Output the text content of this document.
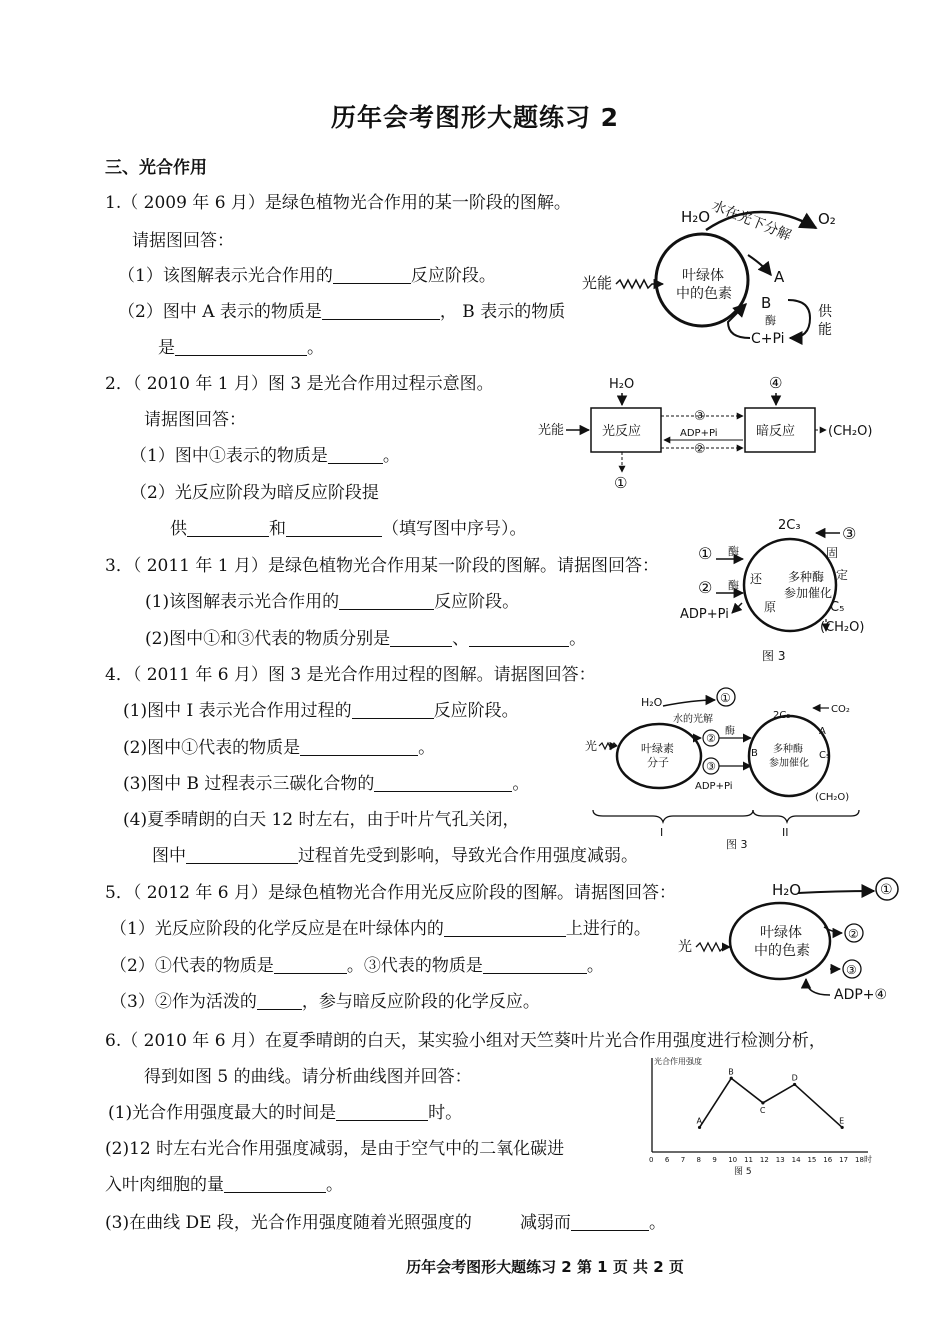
历年会考图形大题练习 2
三、光合作用
1.（ 2009 年 6 月）是绿色植物光合作用的某一阶段的图解。
请据图回答：
（1）该图解表示光合作用的	反应阶段。
（2）图中 A 表示的物质是	， B 表示的物质
是	。
H₂O 水在光下分解 O₂
A
光能	叶绿体
中的色素 B
酶
C+Pi
供
能
2．（ 2010 年 1 月）图 3 是光合作用过程示意图。
请据图回答：
（1）图中①表示的物质是	。
（2）光反应阶段为暗反应阶段提
供	和	（填写图中序号）。
H₂O
光能	光反应
③
ADP+Pi
②
④
暗反应	(CH₂O)
①
3．（ 2011 年 1 月）是绿色植物光合作用某一阶段的图解。请据图回答：
(1)该图解表示光合作用的	反应阶段。
(2)图中①和③代表的物质分别是	、	。
2C₃	③
固
定
① 酶
② 酶
ADP+Pi
还
原
多种酶
参加催化
C₅
(CH₂O)
图 3
4．（ 2011 年 6 月）图 3 是光合作用过程的图解。请据图回答：
(1)图中 I 表示光合作用过程的	反应阶段。
(2)图中①代表的物质是	。
(3)图中 B 过程表示三碳化合物的	。
(4)夏季晴朗的白天 12 时左右，由于叶片气孔关闭，
图中	过程首先受到影响，导致光合作用强度减弱。
H₂O	①
水的光解
叶绿素
分子
光
②
酶
③
ADP+Pi
2C₃
CO₂
A
B	C₅
多种酶
参加催化
(CH₂O)
I	II
图 3
5．（ 2012 年 6 月）是绿色植物光合作用光反应阶段的图解。请据图回答：
（1）光反应阶段的化学反应是在叶绿体内的	上进行的。
（2）①代表的物质是	。③代表的物质是	。
（3）②作为活泼的	，参与暗反应阶段的化学反应。
H₂O	①
叶绿体
中的色素
光
②
③
ADP+④
6.（ 2010 年 6 月）在夏季晴朗的白天，某实验小组对天竺葵叶片光合作用强度进行检测分析，
得到如图 5 的曲线。请分析曲线图并回答：
(1)光合作用强度最大的时间是	时。
(2)12 时左右光合作用强度减弱，是由于空气中的二氧化碳进
入叶肉细胞的量	。
(3)在曲线 DE 段，光合作用强度随着光照强度的	减弱而	。
光合作用强度
0 6 7 8 9 10 11 12 13 14 15 16 17 18 时
A
B
C
D
E
图 5
历年会考图形大题练习 2 第 1 页 共 2 页
